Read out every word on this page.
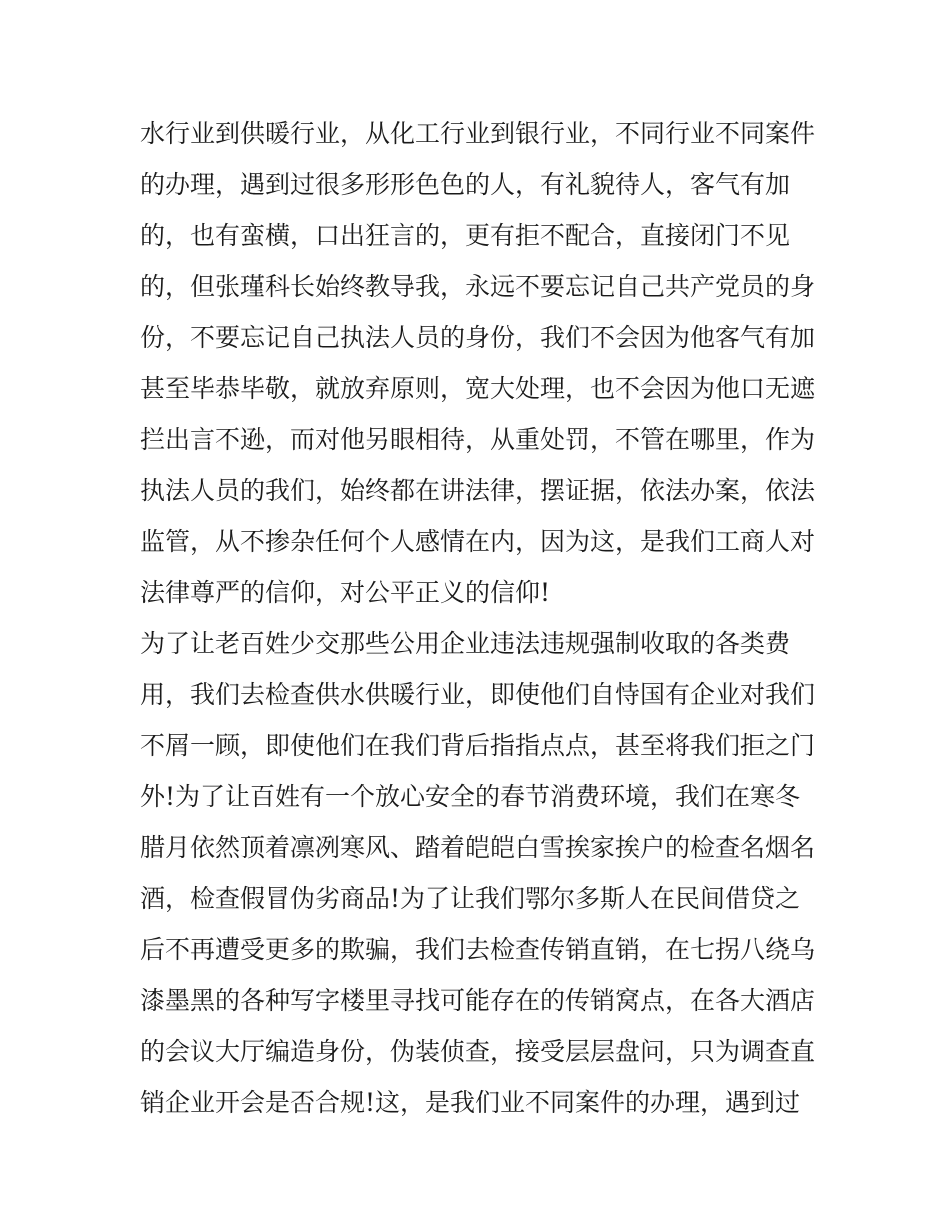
水行业到供暖行业，从化工行业到银行业，不同行业不同案件
的办理，遇到过很多形形色色的人，有礼貌待人，客气有加
的，也有蛮横，口出狂言的，更有拒不配合，直接闭门不见
的，但张瑾科长始终教导我，永远不要忘记自己共产党员的身
份，不要忘记自己执法人员的身份，我们不会因为他客气有加
甚至毕恭毕敬，就放弃原则，宽大处理，也不会因为他口无遮
拦出言不逊，而对他另眼相待，从重处罚，不管在哪里，作为
执法人员的我们，始终都在讲法律，摆证据，依法办案，依法
监管，从不掺杂任何个人感情在内，因为这，是我们工商人对
法律尊严的信仰，对公平正义的信仰!
为了让老百姓少交那些公用企业违法违规强制收取的各类费
用，我们去检查供水供暖行业，即使他们自恃国有企业对我们
不屑一顾，即使他们在我们背后指指点点，甚至将我们拒之门
外!为了让百姓有一个放心安全的春节消费环境，我们在寒冬
腊月依然顶着凛冽寒风、踏着皑皑白雪挨家挨户的检查名烟名
酒，检查假冒伪劣商品!为了让我们鄂尔多斯人在民间借贷之
后不再遭受更多的欺骗，我们去检查传销直销，在七拐八绕乌
漆墨黑的各种写字楼里寻找可能存在的传销窝点，在各大酒店
的会议大厅编造身份，伪装侦查，接受层层盘问，只为调查直
销企业开会是否合规!这，是我们业不同案件的办理，遇到过
